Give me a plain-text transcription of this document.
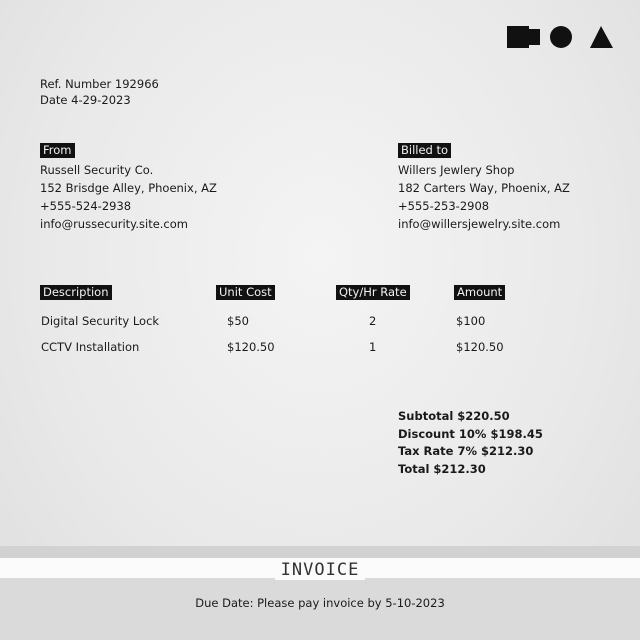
Ref. Number 192966
Date 4-29-2023
From
Russell Security Co.
152 Brisdge Alley, Phoenix, AZ
+555-524-2938
info@russecurity.site.com
Billed to
Willers Jewlery Shop
182 Carters Way, Phoenix, AZ
+555-253-2908
info@willersjewelry.site.com
Description	Unit Cost	Qty/Hr Rate	Amount
Digital Security Lock	$50	2	$100
CCTV Installation	$120.50	1	$120.50
Subtotal $220.50
Discount 10% $198.45
Tax Rate 7% $212.30
Total $212.30
INVOICE
Due Date: Please pay invoice by 5-10-2023
